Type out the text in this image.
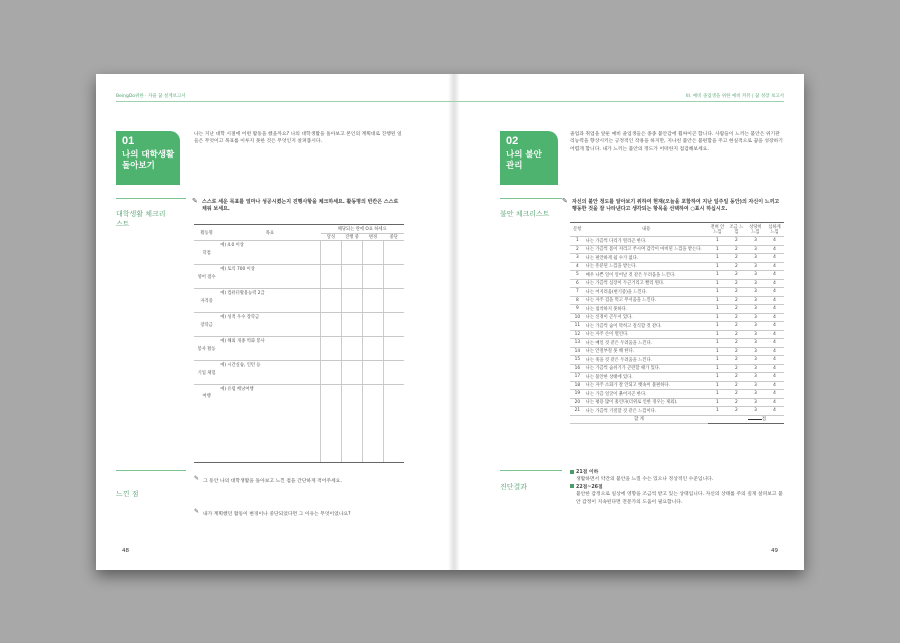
BeingDo위한 · 자율 꿈 설계보고서
01
나의 대학생활 돌아보기
나는 지난 대학 시절에 어떤 활동을 했을까요? 나의 대학생활을 돌아보고 본인의 계획대로 진행된 일들은 무엇이고 목표를 이루지 못한 것은 무엇인지 살펴봅시다.
대학생활 체크리스트
✎ 스스로 세운 목표를 얼마나 성공시켰는지 진행사항을 체크하세요. 활동명의 빈칸은 스스로 채워 보세요.
활동명	목표	해당되는 란에 O표 하세요			
		달성	진행 중	변경	중단
학점	예) 4.0 이상				
영어 점수	예) 토익 700 이상				
자격증	예) 컴퓨터활용능력 2급				
장학금	예) 성적 우수 장학금				
봉사 활동	예) 해외 개종 벽화 봉사				
기업 체험	예) 시간실습, 인턴 등				
여행	예) 유럽 배낭여행				
느낀 점
✎ 그 동안 나의 대학생활을 돌아보고 느낀 점을 간단하게 적어주세요.
✎ 내가 계획했던 활동이 변경이나 중단되었다면 그 이유는 무엇이었나요?
48
III. 예비 졸업생을 위한 예비 커뮤 | 꿈 성장 보고서
02
나의 불안 관리
졸업과 취업을 앞둔 예비 졸업생들은 종종 불안감에 휩싸이곤 합니다. 사람들이 느끼는 불안은 위기관리능력을 향상시키는 긍정적인 작용을 하지만, 지나친 불안은 불편함을 주고 현실적으로 꿈을 성장하기 어렵게 합니다. 내가 느끼는 불안의 정도가 어떠한지 점검해보세요.
불안 체크리스트
✎ 자신의 불안 정도를 알아보기 위하여 현재(오늘을 포함하여 지난 일주일 동안)의 자신이 느끼고 행동한 것을 잘 나타낸다고 생각되는 항목을 선택하여 ○표시 하십시오.
문항	내용	전혀 안느낌	조금 느낌	상당히 느낌	심하게 느낌
1	나는 가끔씩 다리가 떨리곤 한다.	1	2	3	4
2	나는 가끔씩 몸이 저리고 쑤시며 감각이 마비된 느낌을 받는다.	1	2	3	4
3	나는 편안하게 쉴 수가 없다.	1	2	3	4
4	나는 흥분된 느낌을 받는다.	1	2	3	4
5	매우 나쁜 일이 일어날 것 같은 두려움을 느낀다.	1	2	3	4
6	나는 가끔씩 심장이 두근거리고 빨리 뛴다.	1	2	3	4
7	나는 어지러움(현기증)을 느낀다.	1	2	3	4
8	나는 자주 겁을 먹고 무서움을 느낀다.	1	2	3	4
9	나는 침착하지 못하다.	1	2	3	4
10	나는 신경이 곤두서 있다.	1	2	3	4
11	나는 가끔씩 숨이 막히고 질식할 것 같다.	1	2	3	4
12	나는 자주 손이 떨린다.	1	2	3	4
13	나는 매일 것 같은 두려움을 느낀다.	1	2	3	4
14	나는 안절부절 못 해 한다.	1	2	3	4
15	나는 죽을 것 같은 두려움을 느낀다.	1	2	3	4
16	나는 가끔씩 숨쉬기가 곤란할 때가 있다.	1	2	3	4
17	나는 불안한 상태에 있다.	1	2	3	4
18	나는 자주 소화가 잘 안되고 뱃속이 불편하다.	1	2	3	4
19	나는 가끔 얼굴이 붉어지곤 한다.	1	2	3	4
20	나는 평용 많이 흘린다(더위로 인한 경우는 제외).	1	2	3	4
21	나는 가끔씩 기절할 것 같은 느낌이다.	1	2	3	4
합 계		점			
진단결과
21점 이하
생활하면서 약간의 불안을 느낄 수는 있으나 정상적인 수준입니다.
22점~26점
불안한 감정으로 일상에 영향을 조금씩 받고 있는 상태입니다. 자신의 상태를 주의 깊게 살펴보고 불안 감정이 지속된다면 전문가의 도움이 필요합니다.
49
